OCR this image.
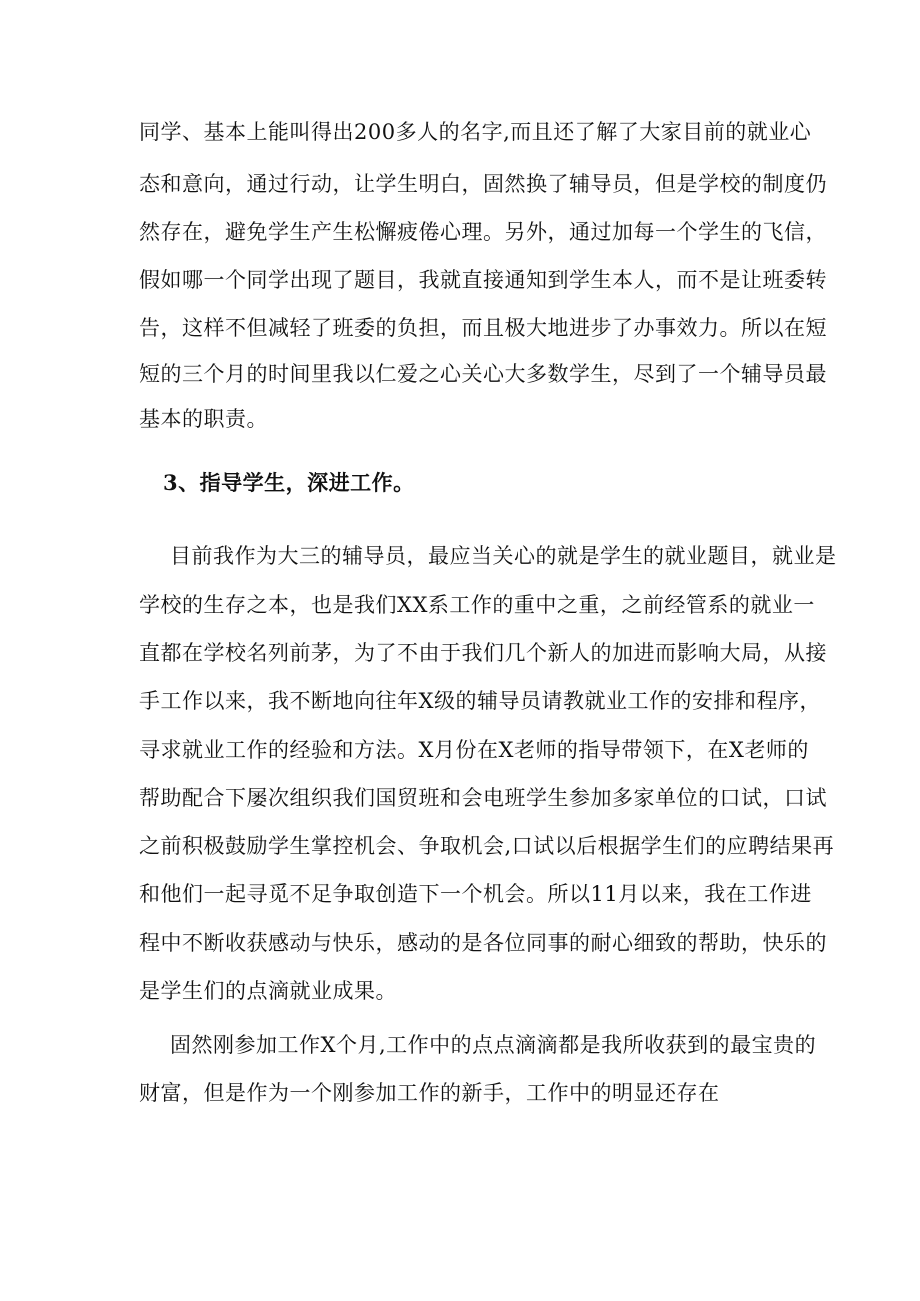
同学、基本上能叫得出200多人的名字,而且还了解了大家目前的就业心
态和意向，通过行动，让学生明白，固然换了辅导员，但是学校的制度仍
然存在，避免学生产生松懈疲倦心理。另外，通过加每一个学生的飞信，
假如哪一个同学出现了题目，我就直接通知到学生本人，而不是让班委转
告，这样不但减轻了班委的负担，而且极大地进步了办事效力。所以在短
短的三个月的时间里我以仁爱之心关心大多数学生，尽到了一个辅导员最
基本的职责。
3、指导学生，深进工作。
目前我作为大三的辅导员，最应当关心的就是学生的就业题目，就业是
学校的生存之本，也是我们XX系工作的重中之重，之前经管系的就业一
直都在学校名列前茅，为了不由于我们几个新人的加进而影响大局，从接
手工作以来，我不断地向往年X级的辅导员请教就业工作的安排和程序，
寻求就业工作的经验和方法。X月份在X老师的指导带领下，在X老师的
帮助配合下屡次组织我们国贸班和会电班学生参加多家单位的口试，口试
之前积极鼓励学生掌控机会、争取机会,口试以后根据学生们的应聘结果再
和他们一起寻觅不足争取创造下一个机会。所以11月以来，我在工作进
程中不断收获感动与快乐，感动的是各位同事的耐心细致的帮助，快乐的
是学生们的点滴就业成果。
固然刚参加工作X个月,工作中的点点滴滴都是我所收获到的最宝贵的
财富，但是作为一个刚参加工作的新手，工作中的明显还存在
